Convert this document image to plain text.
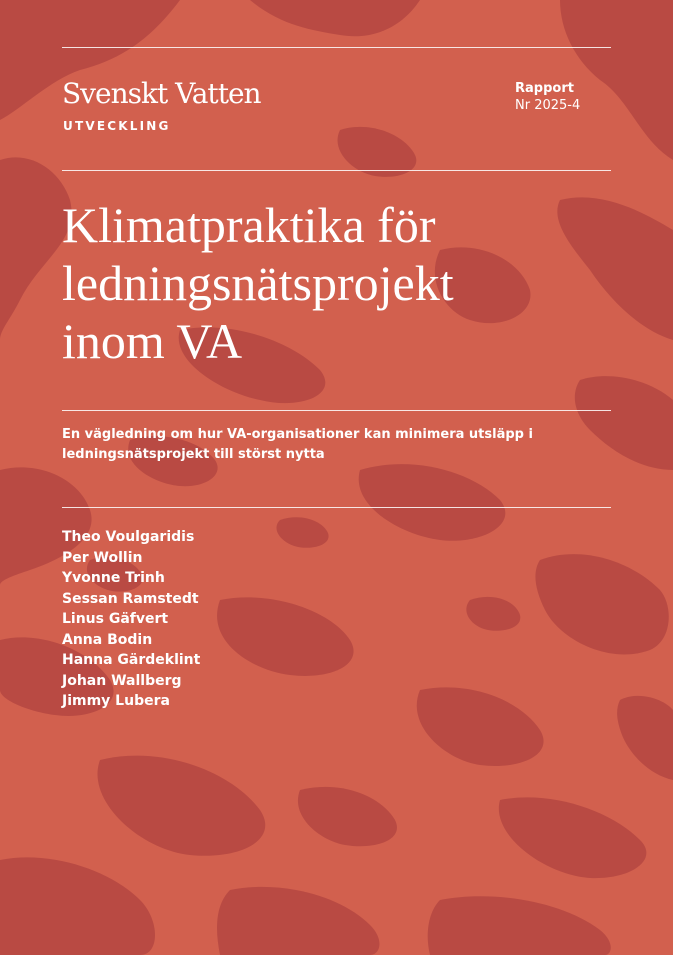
Svenskt Vatten
UTVECKLING
Rapport
Nr 2025-4
Klimatpraktika för
ledningsnätsprojekt
inom VA

En vägledning om hur VA-organisationer kan minimera utsläpp i
ledningsnätsprojekt till störst nytta

Theo Voulgaridis
Per Wollin
Yvonne Trinh
Sessan Ramstedt
Linus Gäfvert
Anna Bodin
Hanna Gärdeklint
Johan Wallberg
Jimmy Lubera
